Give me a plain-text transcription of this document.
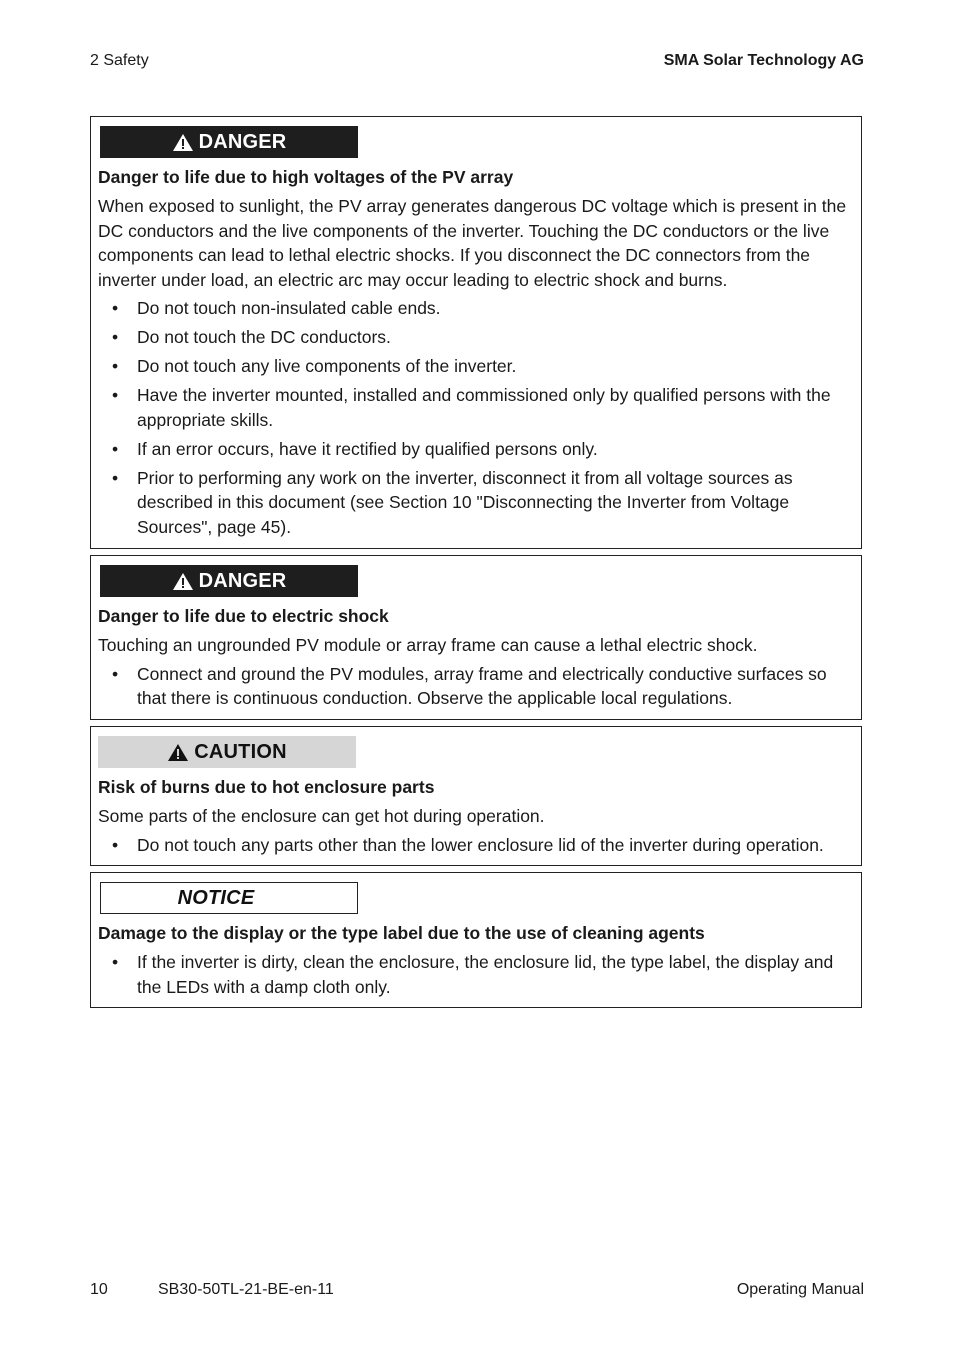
2 Safety	SMA Solar Technology AG
DANGER

Danger to life due to high voltages of the PV array

When exposed to sunlight, the PV array generates dangerous DC voltage which is present in the DC conductors and the live components of the inverter. Touching the DC conductors or the live components can lead to lethal electric shocks. If you disconnect the DC connectors from the inverter under load, an electric arc may occur leading to electric shock and burns.

• Do not touch non-insulated cable ends.
• Do not touch the DC conductors.
• Do not touch any live components of the inverter.
• Have the inverter mounted, installed and commissioned only by qualified persons with the appropriate skills.
• If an error occurs, have it rectified by qualified persons only.
• Prior to performing any work on the inverter, disconnect it from all voltage sources as described in this document (see Section 10 "Disconnecting the Inverter from Voltage Sources", page 45).
DANGER

Danger to life due to electric shock

Touching an ungrounded PV module or array frame can cause a lethal electric shock.

• Connect and ground the PV modules, array frame and electrically conductive surfaces so that there is continuous conduction. Observe the applicable local regulations.
CAUTION

Risk of burns due to hot enclosure parts

Some parts of the enclosure can get hot during operation.

• Do not touch any parts other than the lower enclosure lid of the inverter during operation.
NOTICE

Damage to the display or the type label due to the use of cleaning agents

• If the inverter is dirty, clean the enclosure, the enclosure lid, the type label, the display and the LEDs with a damp cloth only.
10	SB30-50TL-21-BE-en-11	Operating Manual
